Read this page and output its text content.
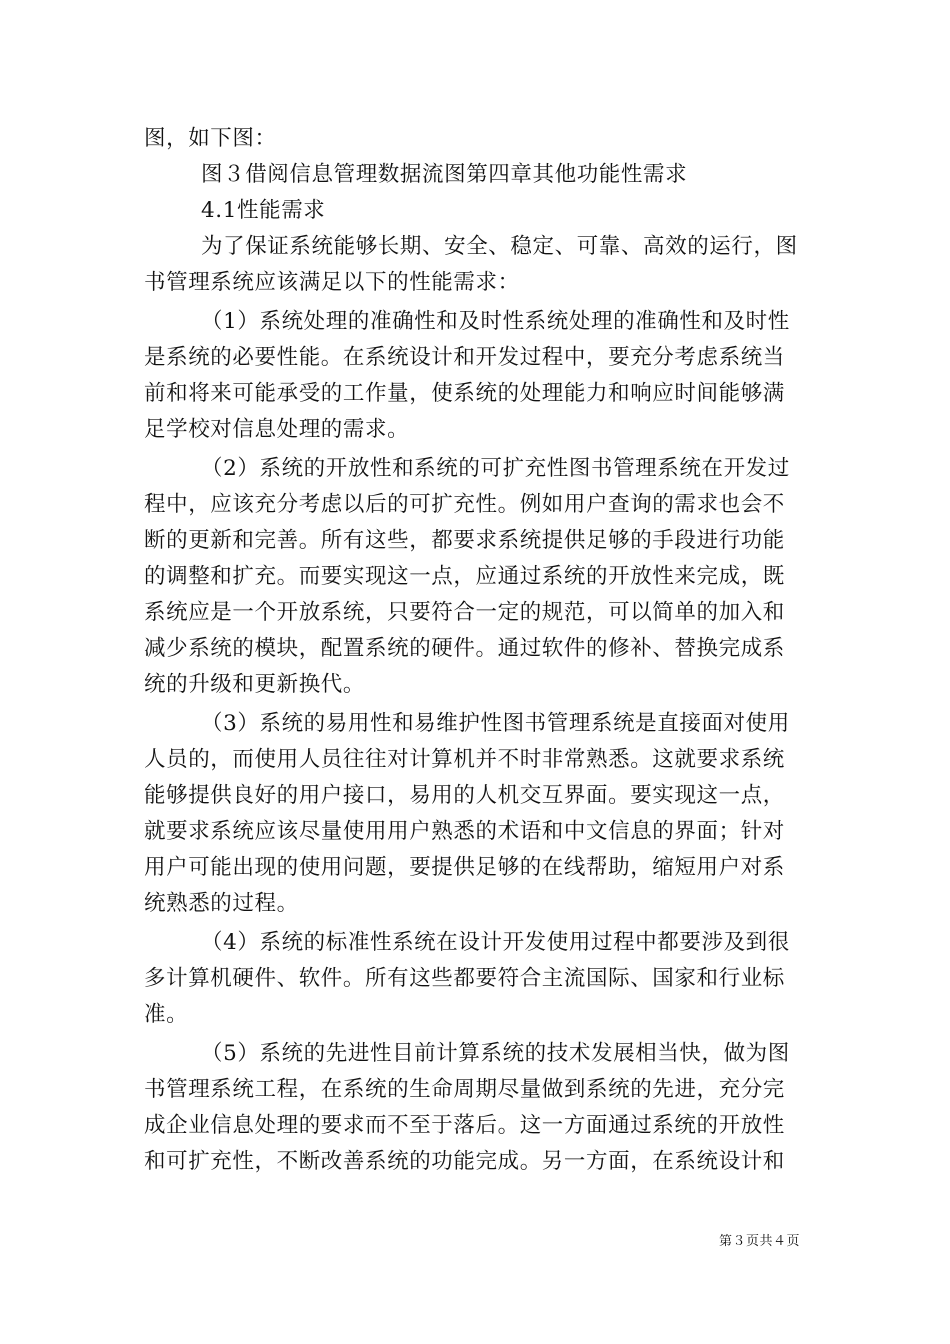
图，如下图：
图３借阅信息管理数据流图第四章其他功能性需求
4.1性能需求
为了保证系统能够长期、安全、稳定、可靠、高效的运行，图
书管理系统应该满足以下的性能需求：
（1）系统处理的准确性和及时性系统处理的准确性和及时性
是系统的必要性能。在系统设计和开发过程中，要充分考虑系统当
前和将来可能承受的工作量，使系统的处理能力和响应时间能够满
足学校对信息处理的需求。
（2）系统的开放性和系统的可扩充性图书管理系统在开发过
程中，应该充分考虑以后的可扩充性。例如用户查询的需求也会不
断的更新和完善。所有这些，都要求系统提供足够的手段进行功能
的调整和扩充。而要实现这一点，应通过系统的开放性来完成，既
系统应是一个开放系统，只要符合一定的规范，可以简单的加入和
减少系统的模块，配置系统的硬件。通过软件的修补、替换完成系
统的升级和更新换代。
（3）系统的易用性和易维护性图书管理系统是直接面对使用
人员的，而使用人员往往对计算机并不时非常熟悉。这就要求系统
能够提供良好的用户接口，易用的人机交互界面。要实现这一点，
就要求系统应该尽量使用用户熟悉的术语和中文信息的界面；针对
用户可能出现的使用问题，要提供足够的在线帮助，缩短用户对系
统熟悉的过程。
（4）系统的标准性系统在设计开发使用过程中都要涉及到很
多计算机硬件、软件。所有这些都要符合主流国际、国家和行业标
准。
（5）系统的先进性目前计算系统的技术发展相当快，做为图
书管理系统工程，在系统的生命周期尽量做到系统的先进，充分完
成企业信息处理的要求而不至于落后。这一方面通过系统的开放性
和可扩充性，不断改善系统的功能完成。另一方面，在系统设计和
第３页共４页
